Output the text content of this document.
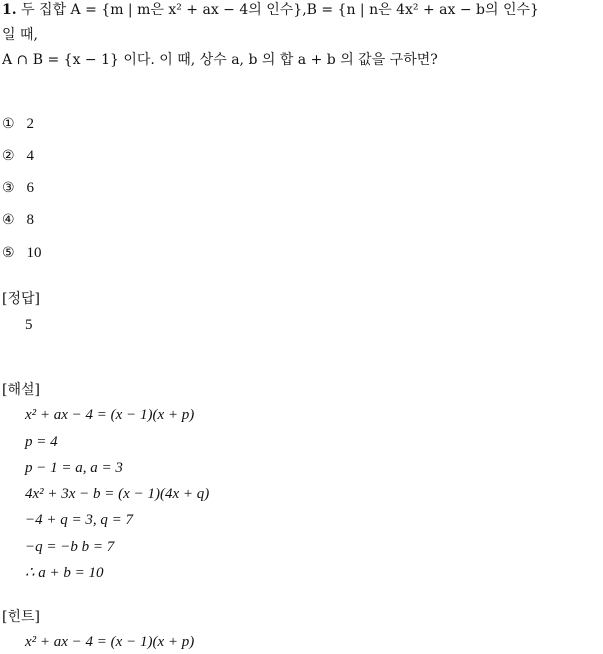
1. 두 집합 A = {m | m은 x² + ax − 4의 인수},B = {n | n은 4x² + ax − b의 인수}
일 때,
A ∩ B = {x − 1} 이다. 이 때, 상수 a, b 의 합 a + b 의 값을 구하면?
① 2
② 4
③ 6
④ 8
⑤ 10
[정답]
5
[해설]
x² + ax − 4 = (x − 1)(x + p)
p = 4
p − 1 = a, a = 3
4x² + 3x − b = (x − 1)(4x + q)
−4 + q = 3, q = 7
−q = −b b = 7
∴ a + b = 10
[힌트]
x² + ax − 4 = (x − 1)(x + p)
